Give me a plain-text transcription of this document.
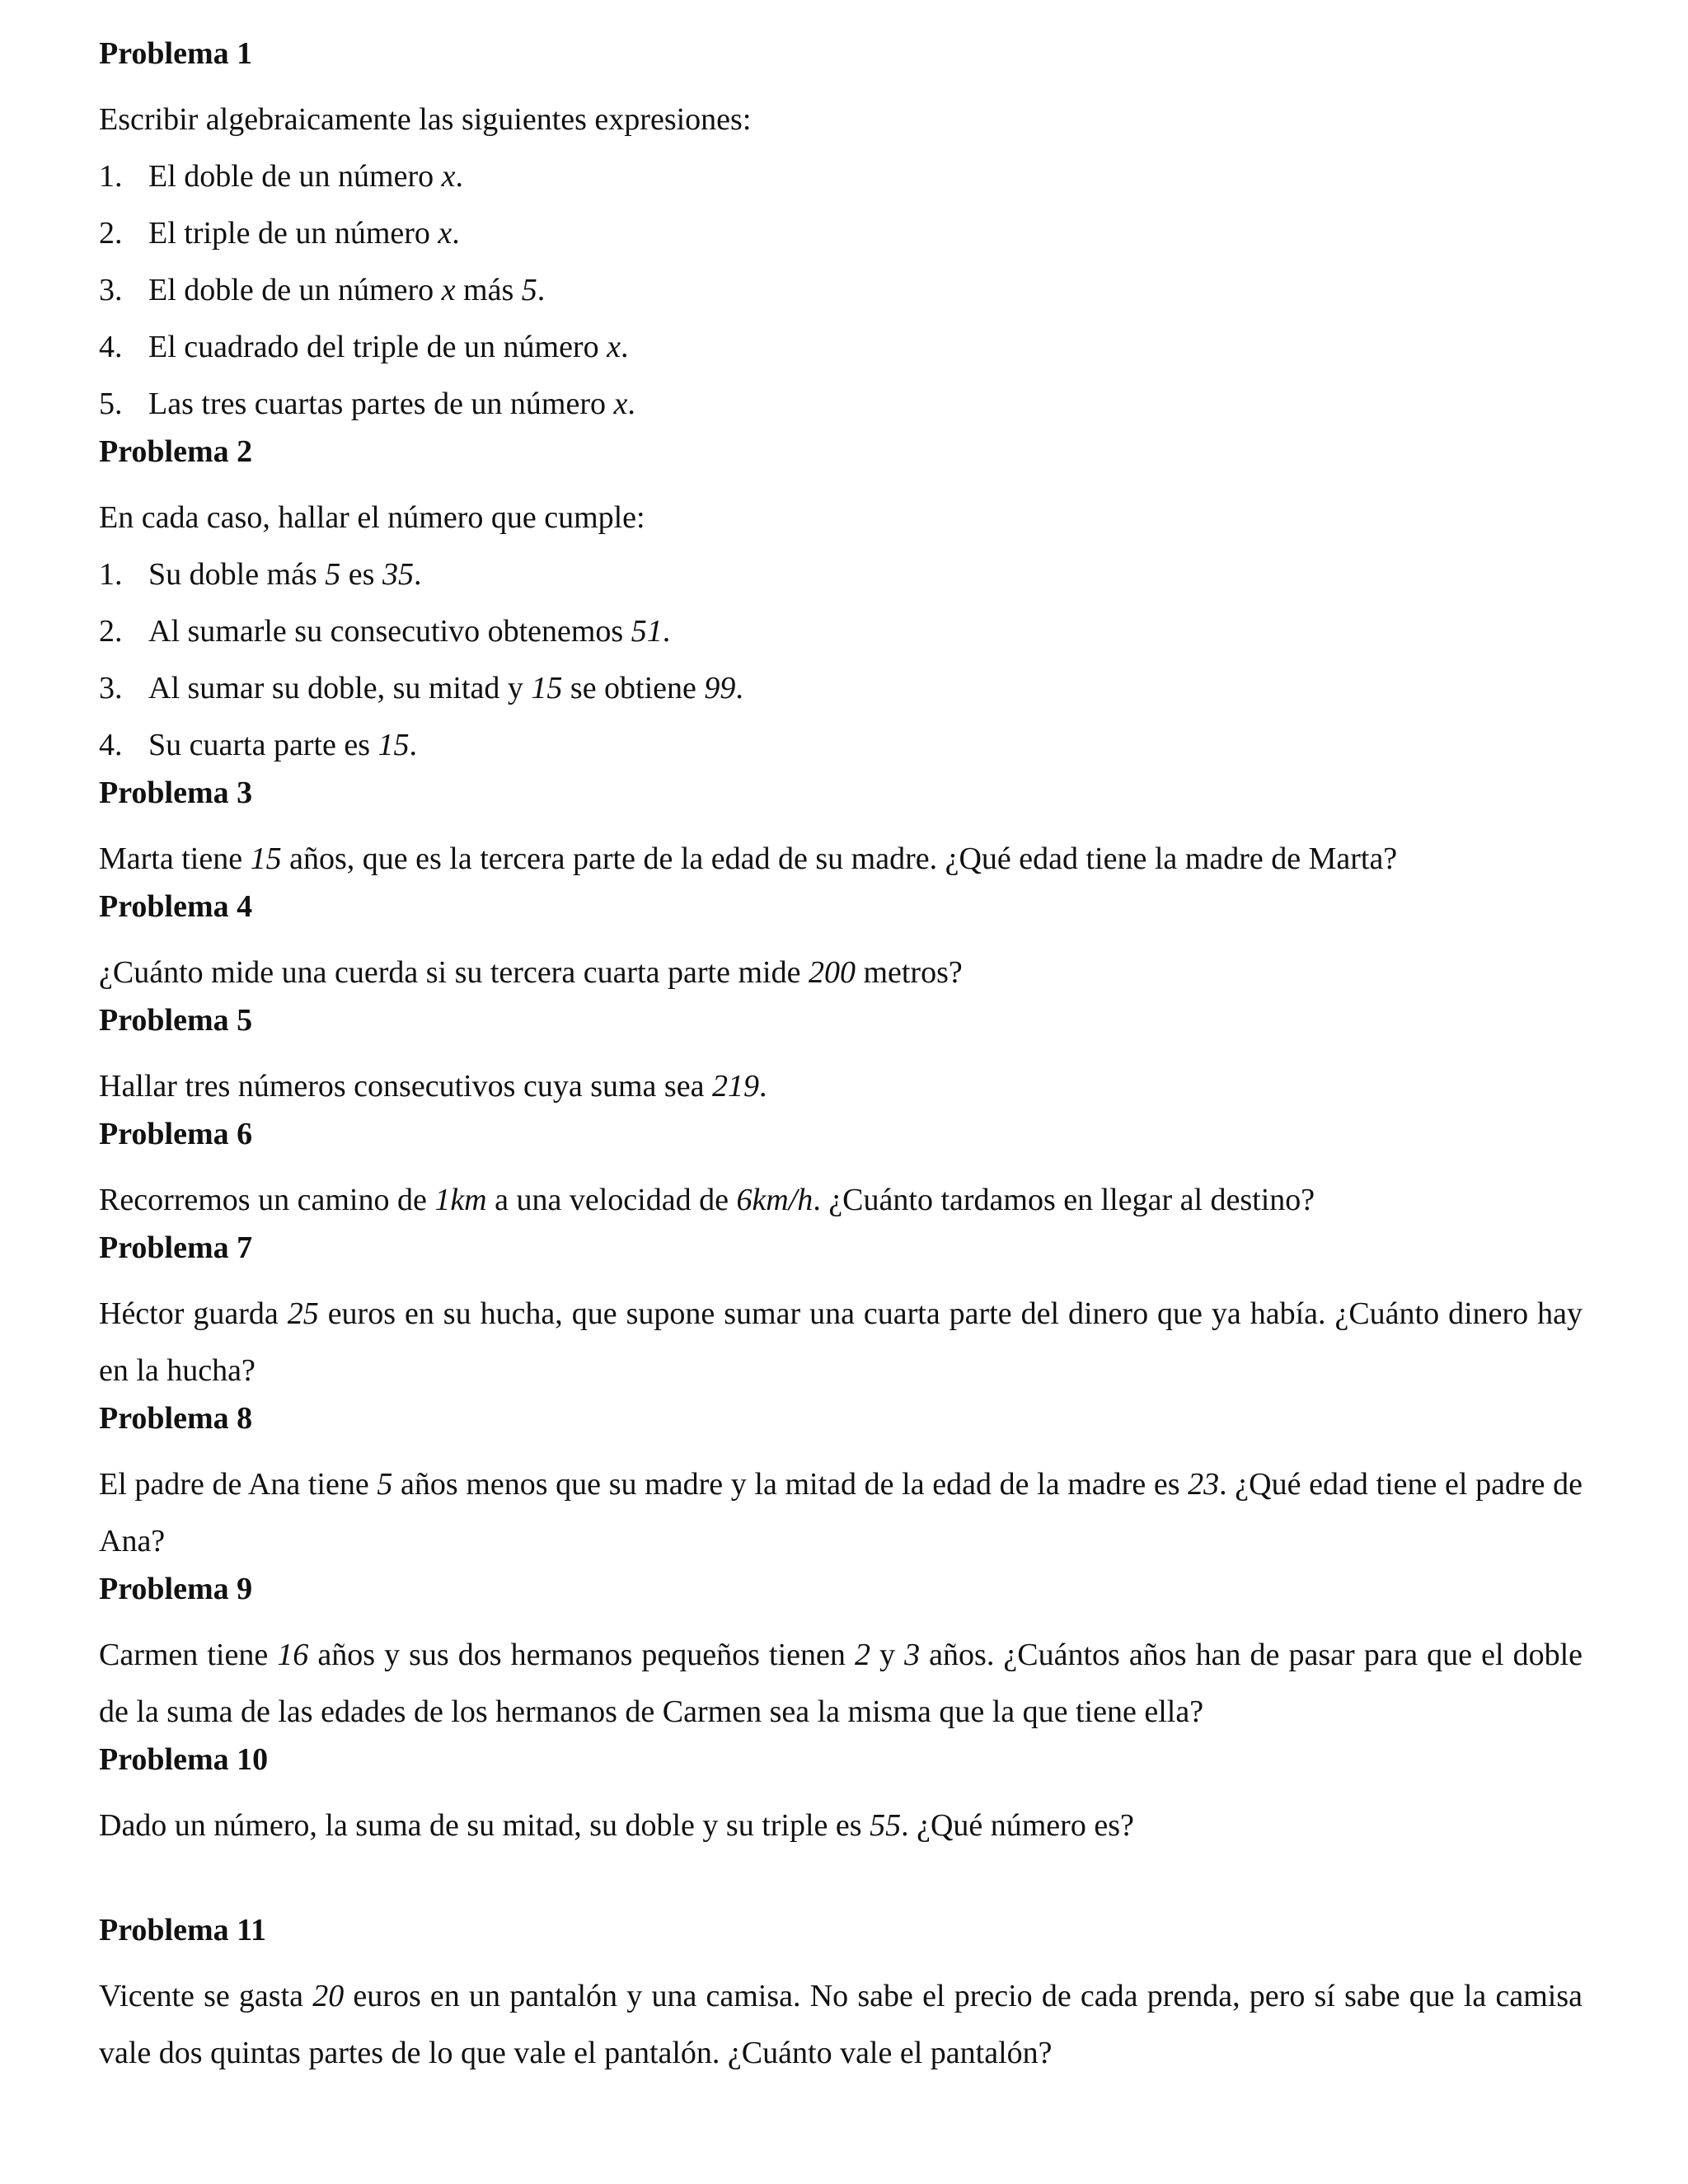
Problema 1
Escribir algebraicamente las siguientes expresiones:
1. El doble de un número x.
2. El triple de un número x.
3. El doble de un número x más 5.
4. El cuadrado del triple de un número x.
5. Las tres cuartas partes de un número x.
Problema 2
En cada caso, hallar el número que cumple:
1. Su doble más 5 es 35.
2. Al sumarle su consecutivo obtenemos 51.
3. Al sumar su doble, su mitad y 15 se obtiene 99.
4. Su cuarta parte es 15.
Problema 3
Marta tiene 15 años, que es la tercera parte de la edad de su madre. ¿Qué edad tiene la madre de Marta?
Problema 4
¿Cuánto mide una cuerda si su tercera cuarta parte mide 200 metros?
Problema 5
Hallar tres números consecutivos cuya suma sea 219.
Problema 6
Recorremos un camino de 1km a una velocidad de 6km/h. ¿Cuánto tardamos en llegar al destino?
Problema 7
Héctor guarda 25 euros en su hucha, que supone sumar una cuarta parte del dinero que ya había. ¿Cuánto dinero hay en la hucha?
Problema 8
El padre de Ana tiene 5 años menos que su madre y la mitad de la edad de la madre es 23. ¿Qué edad tiene el padre de Ana?
Problema 9
Carmen tiene 16 años y sus dos hermanos pequeños tienen 2 y 3 años. ¿Cuántos años han de pasar para que el doble de la suma de las edades de los hermanos de Carmen sea la misma que la que tiene ella?
Problema 10
Dado un número, la suma de su mitad, su doble y su triple es 55. ¿Qué número es?
Problema 11
Vicente se gasta 20 euros en un pantalón y una camisa. No sabe el precio de cada prenda, pero sí sabe que la camisa vale dos quintas partes de lo que vale el pantalón. ¿Cuánto vale el pantalón?
